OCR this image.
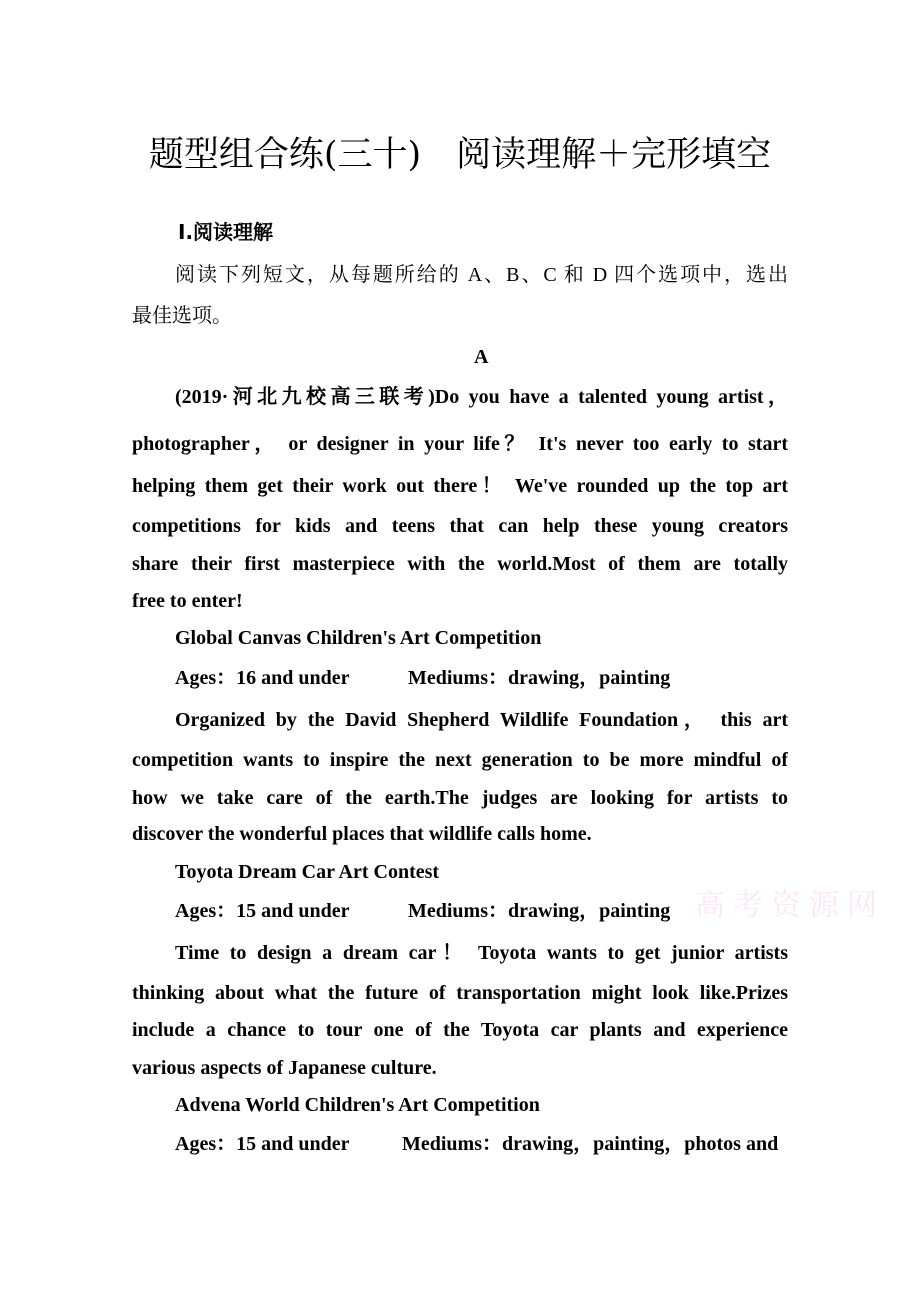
题型组合练(三十)　阅读理解＋完形填空
Ⅰ.阅读理解
阅读下列短文，从每题所给的 A、B、C 和 D 四个选项中，选出
最佳选项。
A
(2019·河北九校高三联考)Do you have a talented young artist，
photographer， or designer in your life？ It's never too early to start
helping them get their work out there！ We've rounded up the top art
competitions for kids and teens that can help these young creators
share their first masterpiece with the world.Most of them are totally
free to enter!
Global Canvas Children's Art Competition
Ages：16 and under	Mediums：drawing，painting
Organized by the David Shepherd Wildlife Foundation， this art
competition wants to inspire the next generation to be more mindful of
how we take care of the earth.The judges are looking for artists to
discover the wonderful places that wildlife calls home.
Toyota Dream Car Art Contest
Ages：15 and under	Mediums：drawing，painting
Time to design a dream car！ Toyota wants to get junior artists
thinking about what the future of transportation might look like.Prizes
include a chance to tour one of the Toyota car plants and experience
various aspects of Japanese culture.
Advena World Children's Art Competition
Ages：15 and under	Mediums：drawing，painting，photos and
高考资源网
